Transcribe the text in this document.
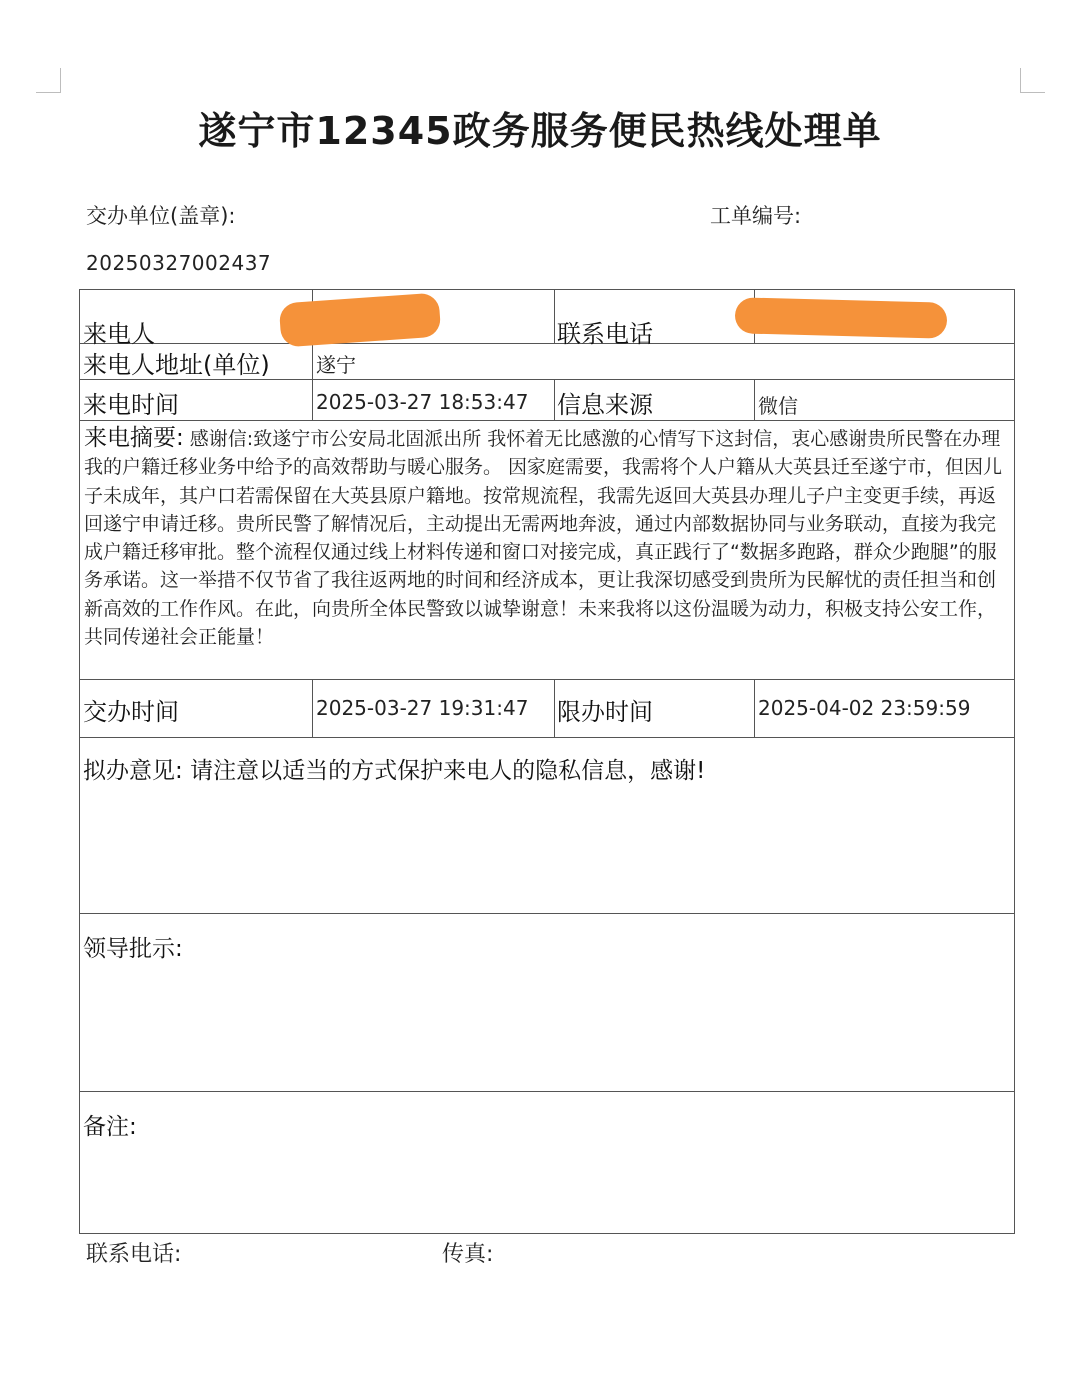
遂宁市12345政务服务便民热线处理单
交办单位(盖章):	工单编号:
20250327002437
来电人	联系电话
来电人地址(单位) 遂宁
来电时间	2025-03-27 18:53:47 信息来源	微信
来电摘要: 感谢信:致遂宁市公安局北固派出所 我怀着无比感激的心情写下这封信，衷心感谢贵所民警在办理我的户籍迁移业务中给予的高效帮助与暖心服务。 因家庭需要，我需将个人户籍从大英县迁至遂宁市，但因儿子未成年，其户口若需保留在大英县原户籍地。按常规流程，我需先返回大英县办理儿子户主变更手续，再返回遂宁申请迁移。贵所民警了解情况后，主动提出无需两地奔波，通过内部数据协同与业务联动，直接为我完成户籍迁移审批。整个流程仅通过线上材料传递和窗口对接完成，真正践行了“数据多跑路，群众少跑腿”的服务承诺。这一举措不仅节省了我往返两地的时间和经济成本，更让我深切感受到贵所为民解忧的责任担当和创新高效的工作作风。在此，向贵所全体民警致以诚挚谢意！未来我将以这份温暖为动力，积极支持公安工作，共同传递社会正能量！
交办时间	2025-03-27 19:31:47 限办时间	2025-04-02 23:59:59
拟办意见: 请注意以适当的方式保护来电人的隐私信息，感谢!
领导批示:
备注:
联系电话:	传真:
